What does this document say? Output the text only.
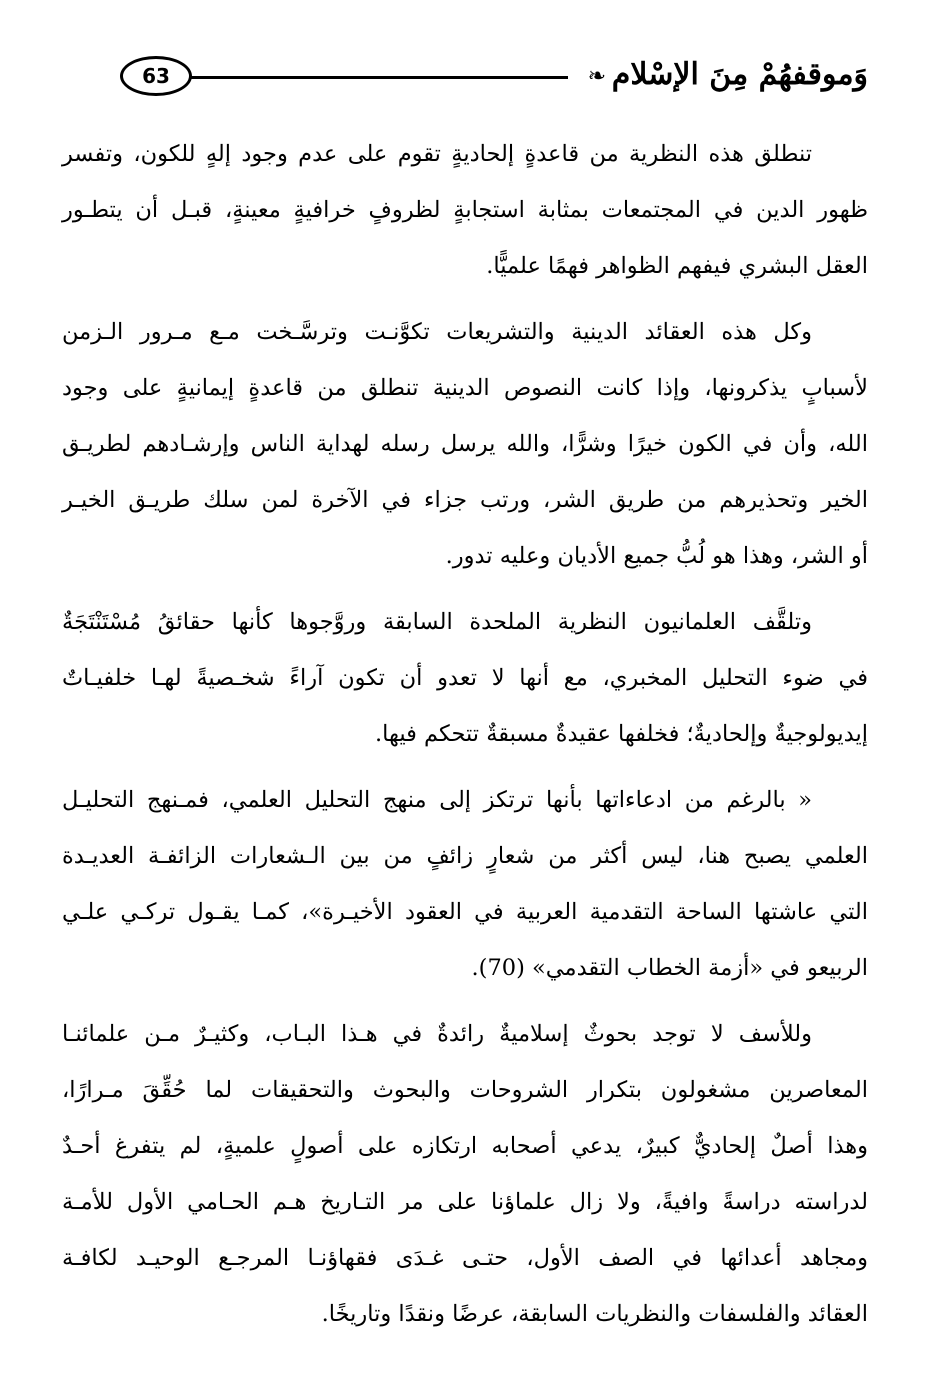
63	❧ وَموقفهُمْ مِنَ الإسْلام
تنطلق هذه النظرية من قاعدةٍ إلحاديةٍ تقوم على عدم وجود إلهٍ للكون، وتفسر
ظهور الدين في المجتمعات بمثابة استجابةٍ لظروفٍ خرافيةٍ معينةٍ، قبـل أن يتطـور
العقل البشري فيفهم الظواهر فهمًا علميًّا.
وكل هذه العقائد الدينية والتشريعات تكوَّنـت وترسَّـخت مـع مـرور الـزمن
لأسبابٍ يذكرونها، وإذا كانت النصوص الدينية تنطلق من قاعدةٍ إيمانيةٍ على وجود
الله، وأن في الكون خيرًا وشرًّا، والله يرسل رسله لهداية الناس وإرشـادهم لطريـق
الخير وتحذيرهم من طريق الشر، ورتب جزاء في الآخرة لمن سلك طريـق الخيـر
أو الشر، وهذا هو لُبُّ جميع الأديان وعليه تدور.
وتلقَّف العلمانيون النظرية الملحدة السابقة وروَّجوها كأنها حقائقُ مُسْتَنْتَجَةٌ
في ضوء التحليل المخبري، مع أنها لا تعدو أن تكون آراءً شخـصيةً لهـا خلفيـاتٌ
إيديولوجيةٌ وإلحاديةٌ؛ فخلفها عقيدةٌ مسبقةٌ تتحكم فيها.
« بالرغم من ادعاءاتها بأنها ترتكز إلى منهج التحليل العلمي، فمـنهج التحليـل
العلمي يصبح هنا، ليس أكثر من شعارٍ زائفٍ من بين الـشعارات الزائفـة العديـدة
التي عاشتها الساحة التقدمية العربية في العقود الأخيـرة»، كمـا يقـول تركـي علـي
الربيعو في «أزمة الخطاب التقدمي» (70).
وللأسف لا توجد بحوثٌ إسلاميةٌ رائدةٌ في هـذا البـاب، وكثيـرٌ مـن علمائنـا
المعاصرين مشغولون بتكرار الشروحات والبحوث والتحقيقات لما حُقِّقَ مـرارًا،
وهذا أصلٌ إلحاديٌّ كبيرٌ، يدعي أصحابه ارتكازه على أصولٍ علميةٍ، لم يتفرغ أحـدٌ
لدراسته دراسةً وافيةً، ولا زال علماؤنا على مر التـاريخ هـم الحـامي الأول للأمـة
ومجاهد أعدائها في الصف الأول، حتـى غـدَى فقهاؤنـا المرجـع الوحيـد لكافـة
العقائد والفلسفات والنظريات السابقة، عرضًا ونقدًا وتاريخًا.
